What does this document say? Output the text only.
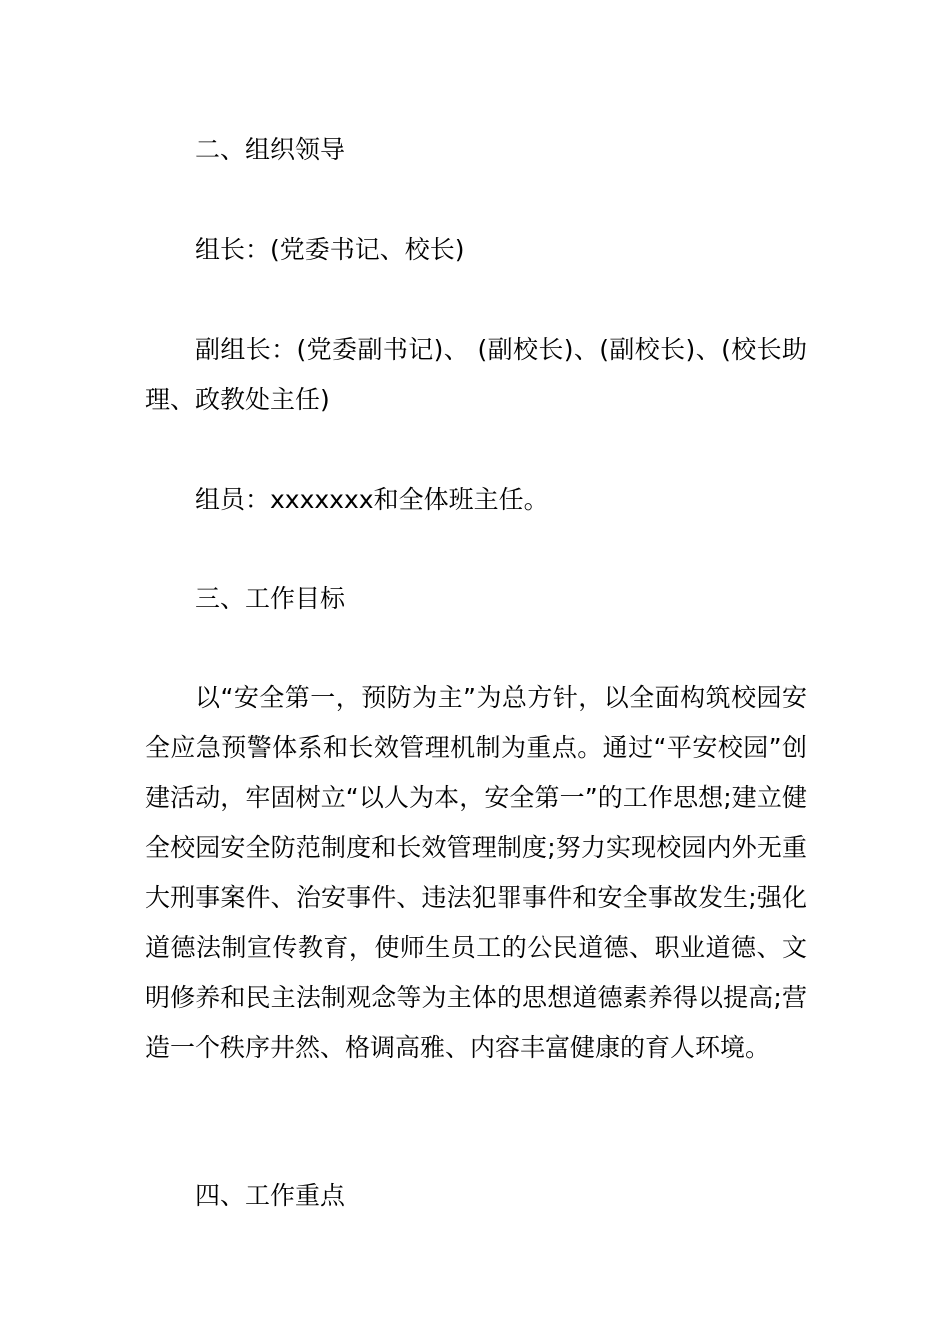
二、组织领导

组长：(党委书记、校长)

副组长：(党委副书记)、 (副校长)、(副校长)、(校长助理、政教处主任)

组员：xxxxxxx和全体班主任。

三、工作目标

以“安全第一，预防为主”为总方针，以全面构筑校园安全应急预警体系和长效管理机制为重点。通过“平安校园”创建活动，牢固树立“以人为本，安全第一”的工作思想;建立健全校园安全防范制度和长效管理制度;努力实现校园内外无重大刑事案件、治安事件、违法犯罪事件和安全事故发生;强化道德法制宣传教育，使师生员工的公民道德、职业道德、文明修养和民主法制观念等为主体的思想道德素养得以提高;营造一个秩序井然、格调高雅、内容丰富健康的育人环境。

四、工作重点
